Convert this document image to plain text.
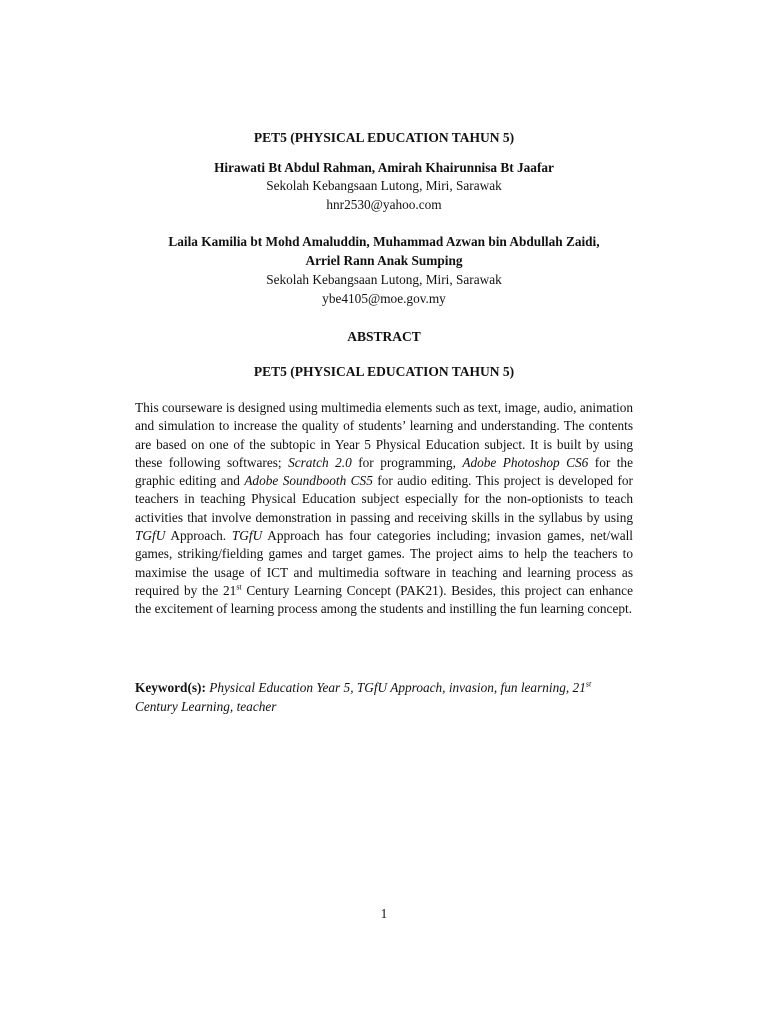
PET5 (PHYSICAL EDUCATION TAHUN 5)
Hirawati Bt Abdul Rahman, Amirah Khairunnisa Bt Jaafar
Sekolah Kebangsaan Lutong, Miri, Sarawak
hnr2530@yahoo.com
Laila Kamilia bt Mohd Amaluddin, Muhammad Azwan bin Abdullah Zaidi,
Arriel Rann Anak Sumping
Sekolah Kebangsaan Lutong, Miri, Sarawak
ybe4105@moe.gov.my
ABSTRACT
PET5 (PHYSICAL EDUCATION TAHUN 5)
This courseware is designed using multimedia elements such as text, image, audio, animation and simulation to increase the quality of students’ learning and understanding. The contents are based on one of the subtopic in Year 5 Physical Education subject. It is built by using these following softwares; Scratch 2.0 for programming, Adobe Photoshop CS6 for the graphic editing and Adobe Soundbooth CS5 for audio editing. This project is developed for teachers in teaching Physical Education subject especially for the non-optionists to teach activities that involve demonstration in passing and receiving skills in the syllabus by using TGfU Approach. TGfU Approach has four categories including; invasion games, net/wall games, striking/fielding games and target games. The project aims to help the teachers to maximise the usage of ICT and multimedia software in teaching and learning process as required by the 21st Century Learning Concept (PAK21). Besides, this project can enhance the excitement of learning process among the students and instilling the fun learning concept.
Keyword(s): Physical Education Year 5, TGfU Approach, invasion, fun learning, 21st Century Learning, teacher
1
